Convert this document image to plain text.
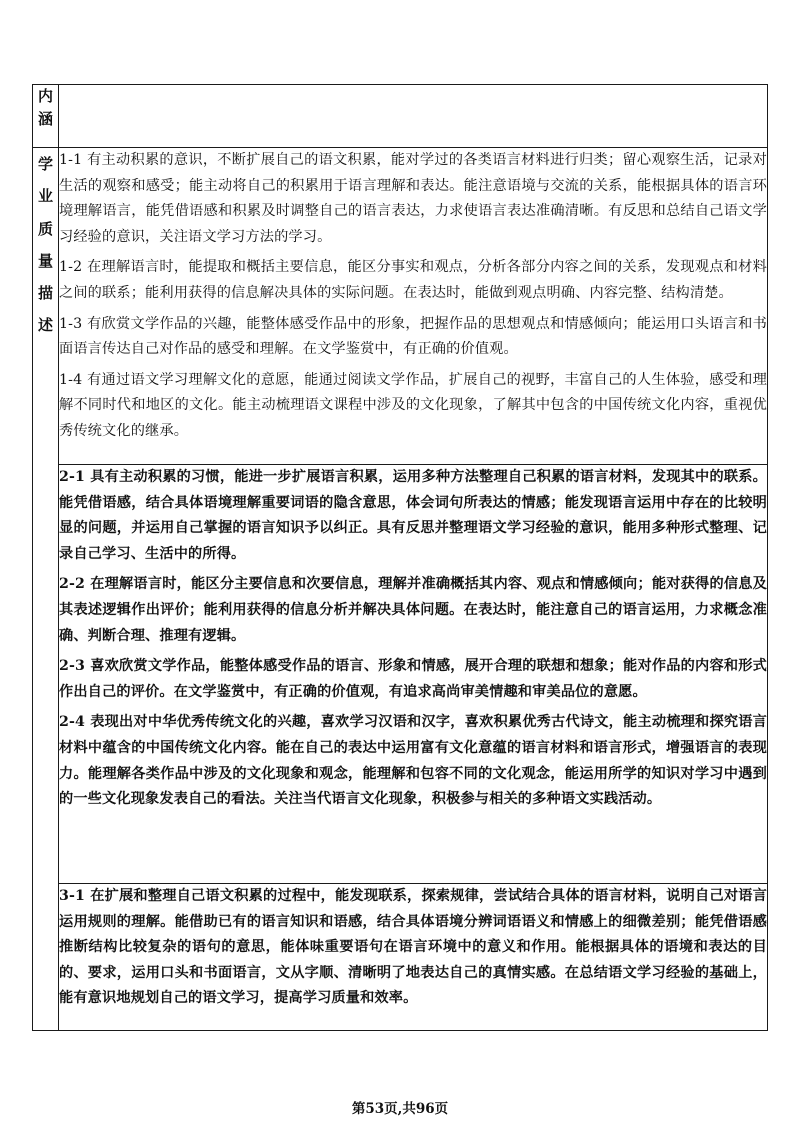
内涵	
学业质量描述	1-1 有主动积累的意识，不断扩展自己的语文积累，能对学过的各类语言材料进行归类；留心观察生活，记录对生活的观察和感受；能主动将自己的积累用于语言理解和表达。能注意语境与交流的关系，能根据具体的语言环境理解语言，能凭借语感和积累及时调整自己的语言表达，力求使语言表达准确清晰。有反思和总结自己语文学习经验的意识，关注语文学习方法的学习。

1-2 在理解语言时，能提取和概括主要信息，能区分事实和观点，分析各部分内容之间的关系，发现观点和材料之间的联系；能利用获得的信息解决具体的实际问题。在表达时，能做到观点明确、内容完整、结构清楚。

1-3 有欣赏文学作品的兴趣，能整体感受作品中的形象，把握作品的思想观点和情感倾向；能运用口头语言和书面语言传达自己对作品的感受和理解。在文学鉴赏中，有正确的价值观。

1-4 有通过语文学习理解文化的意愿，能通过阅读文学作品，扩展自己的视野，丰富自己的人生体验，感受和理解不同时代和地区的文化。能主动梳理语文课程中涉及的文化现象，了解其中包含的中国传统文化内容，重视优秀传统文化的继承。

	2-1 具有主动积累的习惯，能进一步扩展语言积累，运用多种方法整理自己积累的语言材料，发现其中的联系。能凭借语感，结合具体语境理解重要词语的隐含意思，体会词句所表达的情感；能发现语言运用中存在的比较明显的问题，并运用自己掌握的语言知识予以纠正。具有反思并整理语文学习经验的意识，能用多种形式整理、记录自己学习、生活中的所得。

2-2 在理解语言时，能区分主要信息和次要信息，理解并准确概括其内容、观点和情感倾向；能对获得的信息及其表述逻辑作出评价；能利用获得的信息分析并解决具体问题。在表达时，能注意自己的语言运用，力求概念准确、判断合理、推理有逻辑。

2-3 喜欢欣赏文学作品，能整体感受作品的语言、形象和情感，展开合理的联想和想象；能对作品的内容和形式作出自己的评价。在文学鉴赏中，有正确的价值观，有追求高尚审美情趣和审美品位的意愿。

2-4 表现出对中华优秀传统文化的兴趣，喜欢学习汉语和汉字，喜欢积累优秀古代诗文，能主动梳理和探究语言材料中蕴含的中国传统文化内容。能在自己的表达中运用富有文化意蕴的语言材料和语言形式，增强语言的表现力。能理解各类作品中涉及的文化现象和观念，能理解和包容不同的文化观念，能运用所学的知识对学习中遇到的一些文化现象发表自己的看法。关注当代语言文化现象，积极参与相关的多种语文实践活动。

	3-1 在扩展和整理自己语文积累的过程中，能发现联系，探索规律，尝试结合具体的语言材料，说明自己对语言运用规则的理解。能借助已有的语言知识和语感，结合具体语境分辨词语语义和情感上的细微差别；能凭借语感推断结构比较复杂的语句的意思，能体味重要语句在语言环境中的意义和作用。能根据具体的语境和表达的目的、要求，运用口头和书面语言，文从字顺、清晰明了地表达自己的真情实感。在总结语文学习经验的基础上，能有意识地规划自己的语文学习，提高学习质量和效率。

第53页,共96页
